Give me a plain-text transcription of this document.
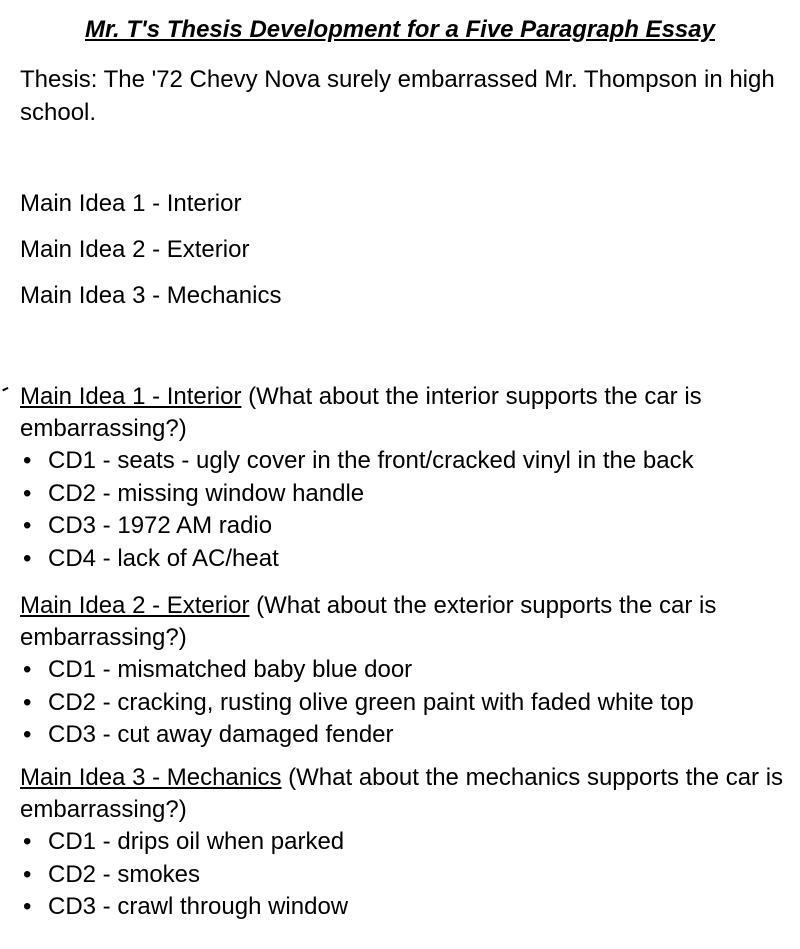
Mr. T's Thesis Development for a Five Paragraph Essay
Thesis: The '72 Chevy Nova surely embarrassed Mr. Thompson in high school.
Main Idea 1 - Interior
Main Idea 2 - Exterior
Main Idea 3 - Mechanics

Main Idea 1 - Interior (What about the interior supports the car is embarrassing?)

• CD1 - seats - ugly cover in the front/cracked vinyl in the back
• CD2 - missing window handle
• CD3 - 1972 AM radio
• CD4 - lack of AC/heat

Main Idea 2 - Exterior (What about the exterior supports the car is embarrassing?)

• CD1 - mismatched baby blue door
• CD2 - cracking, rusting olive green paint with faded white top
• CD3 - cut away damaged fender

Main Idea 3 - Mechanics (What about the mechanics supports the car is embarrassing?)

• CD1 - drips oil when parked
• CD2 - smokes
• CD3 - crawl through window
